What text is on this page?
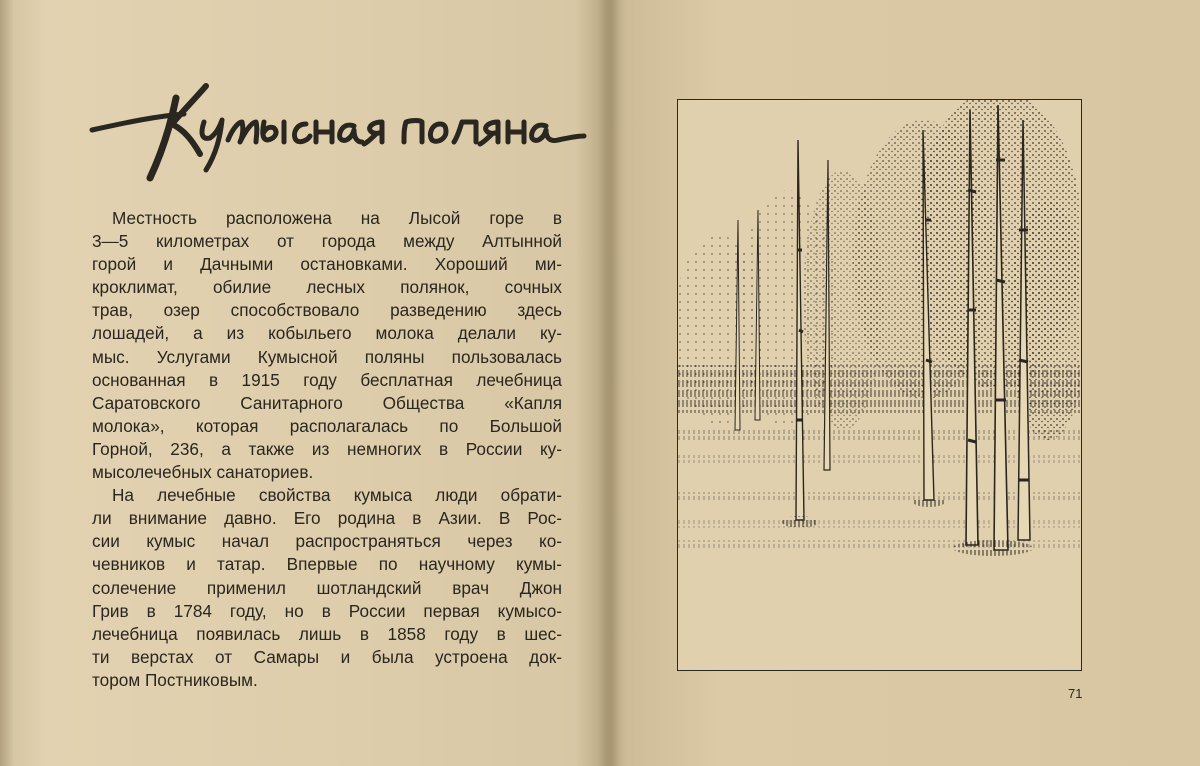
Местность расположена на Лысой горе в
3—5 километрах от города между Алтынной
горой и Дачными остановками. Хороший ми-
кроклимат, обилие лесных полянок, сочных
трав, озер способствовало разведению здесь
лошадей, а из кобыльего молока делали ку-
мыс. Услугами Кумысной поляны пользовалась
основанная в 1915 году бесплатная лечебница
Саратовского Санитарного Общества «Капля
молока», которая располагалась по Большой
Горной, 236, а также из немногих в России ку-
мысолечебных санаториев.
На лечебные свойства кумыса люди обрати-
ли внимание давно. Его родина в Азии. В Рос-
сии кумыс начал распространяться через ко-
чевников и татар. Впервые по научному кумы-
солечение применил шотландский врач Джон
Грив в 1784 году, но в России первая кумысо-
лечебница появилась лишь в 1858 году в шес-
ти верстах от Самары и была устроена док-
тором Постниковым.
71
